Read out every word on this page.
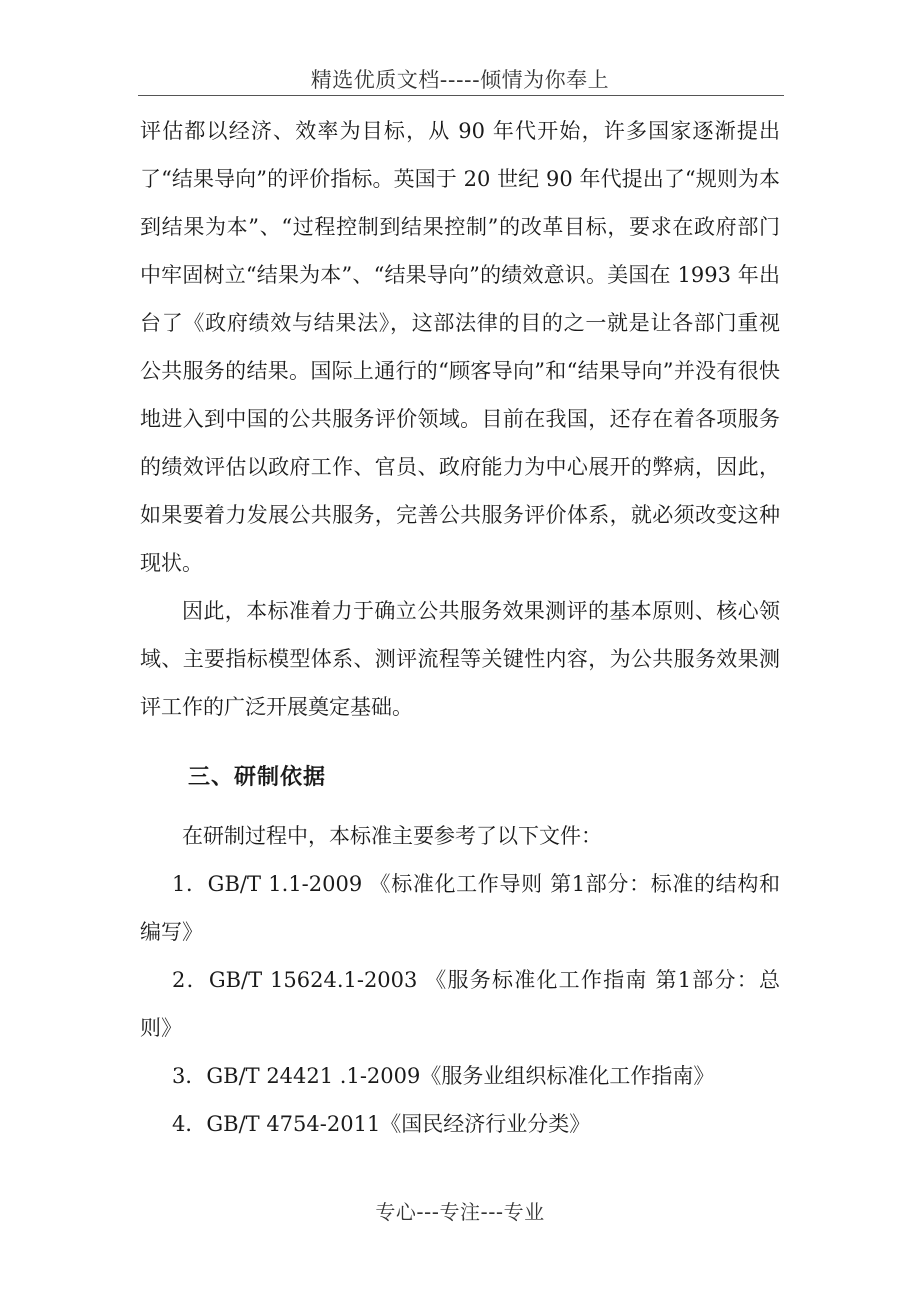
精选优质文档-----倾情为你奉上

评估都以经济、效率为目标，从 90 年代开始，许多国家逐渐提出了“结果导向”的评价指标。英国于 20 世纪 90 年代提出了“规则为本到结果为本”、“过程控制到结果控制”的改革目标，要求在政府部门中牢固树立“结果为本”、“结果导向”的绩效意识。美国在 1993 年出台了《政府绩效与结果法》，这部法律的目的之一就是让各部门重视公共服务的结果。国际上通行的“顾客导向”和“结果导向”并没有很快地进入到中国的公共服务评价领域。目前在我国，还存在着各项服务的绩效评估以政府工作、官员、政府能力为中心展开的弊病，因此，如果要着力发展公共服务，完善公共服务评价体系，就必须改变这种现状。

因此，本标准着力于确立公共服务效果测评的基本原则、核心领域、主要指标模型体系、测评流程等关键性内容，为公共服务效果测评工作的广泛开展奠定基础。

三、研制依据

在研制过程中，本标准主要参考了以下文件：

1．GB/T 1.1-2009 《标准化工作导则 第1部分：标准的结构和编写》

2．GB/T 15624.1-2003 《服务标准化工作指南 第1部分：总则》

3．GB/T 24421 .1-2009《服务业组织标准化工作指南》

4．GB/T 4754-2011《国民经济行业分类》

专心---专注---专业
